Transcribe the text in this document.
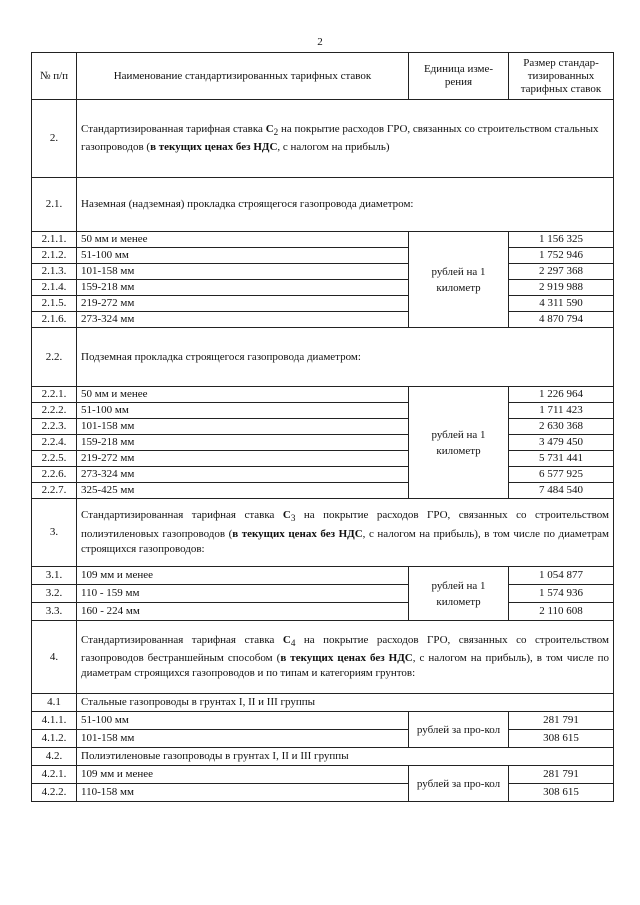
2
№ п/п	Наименование стандартизированных тарифных ставок	Единица изме-рения	Размер стандар-тизированных тарифных ставок
2.	Стандартизированная тарифная ставка $С_2$ на покрытие расходов ГРО, связанных со строительством стальных газопроводов (в текущих ценах без НДС, с налогом на прибыль)		
2.1.	Наземная (надземная) прокладка строящегося газопровода диаметром:		
2.1.1.	50 мм и менее	рублей на 1 километр	1 156 325
2.1.2.	51-100 мм		1 752 946
2.1.3.	101-158 мм		2 297 368
2.1.4.	159-218 мм		2 919 988
2.1.5.	219-272 мм		4 311 590
2.1.6.	273-324 мм		4 870 794
2.2.	Подземная прокладка строящегося газопровода диаметром:		
2.2.1.	50 мм и менее	рублей на 1 километр	1 226 964
2.2.2.	51-100 мм		1 711 423
2.2.3.	101-158 мм		2 630 368
2.2.4.	159-218 мм		3 479 450
2.2.5.	219-272 мм		5 731 441
2.2.6.	273-324 мм		6 577 925
2.2.7.	325-425 мм		7 484 540
3.	Стандартизированная тарифная ставка $С_3$ на покрытие расходов ГРО, связанных со строительством полиэтиленовых газопроводов (в текущих ценах без НДС, с налогом на прибыль), в том числе по диаметрам строящихся газопроводов:		
3.1.	109 мм и менее	рублей на 1 километр	1 054 877
3.2.	110 - 159 мм		1 574 936
3.3.	160 - 224 мм		2 110 608
4.	Стандартизированная тарифная ставка $С_4$ на покрытие расходов ГРО, связанных со строительством газопроводов бестраншейным способом (в текущих ценах без НДС, с налогом на прибыль), в том числе по диаметрам строящихся газопроводов и по типам и категориям грунтов:		
4.1	Стальные газопроводы в грунтах I, II и III группы		
4.1.1.	51-100 мм	рублей за про-кол	281 791
4.1.2.	101-158 мм		308 615
4.2.	Полиэтиленовые газопроводы в грунтах I, II и III группы		
4.2.1.	109 мм и менее	рублей за про-кол	281 791
4.2.2.	110-158 мм		308 615
